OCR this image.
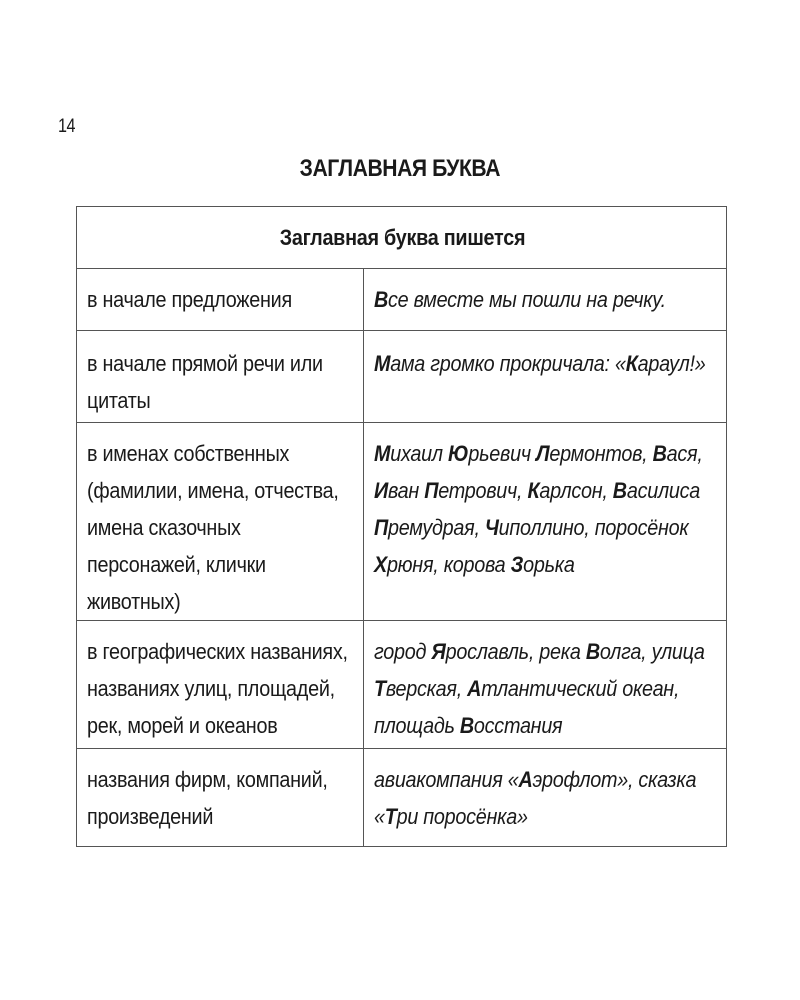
14
ЗАГЛАВНАЯ БУКВА
Заглавная буква пишется	

в начале предложения	Все вместе мы пошли на речку.

в начале прямой речи или цитаты	Мама громко прокричала: «Караул!»

в именах собственных (фамилии, имена, отчества, имена сказочных персонажей, клички животных)	Михаил Юрьевич Лермонтов, Вася, Иван Петрович, Карлсон, Василиса Премудрая, Чиполлино, поросёнок Хрюня, корова Зорька

в географических названиях, названиях улиц, площадей, рек, морей и океанов	город Ярославль, река Волга, улица Тверская, Атлантический океан, площадь Восстания

названия фирм, компаний, произведений	авиакомпания «Аэрофлот», сказка «Три поросёнка»
